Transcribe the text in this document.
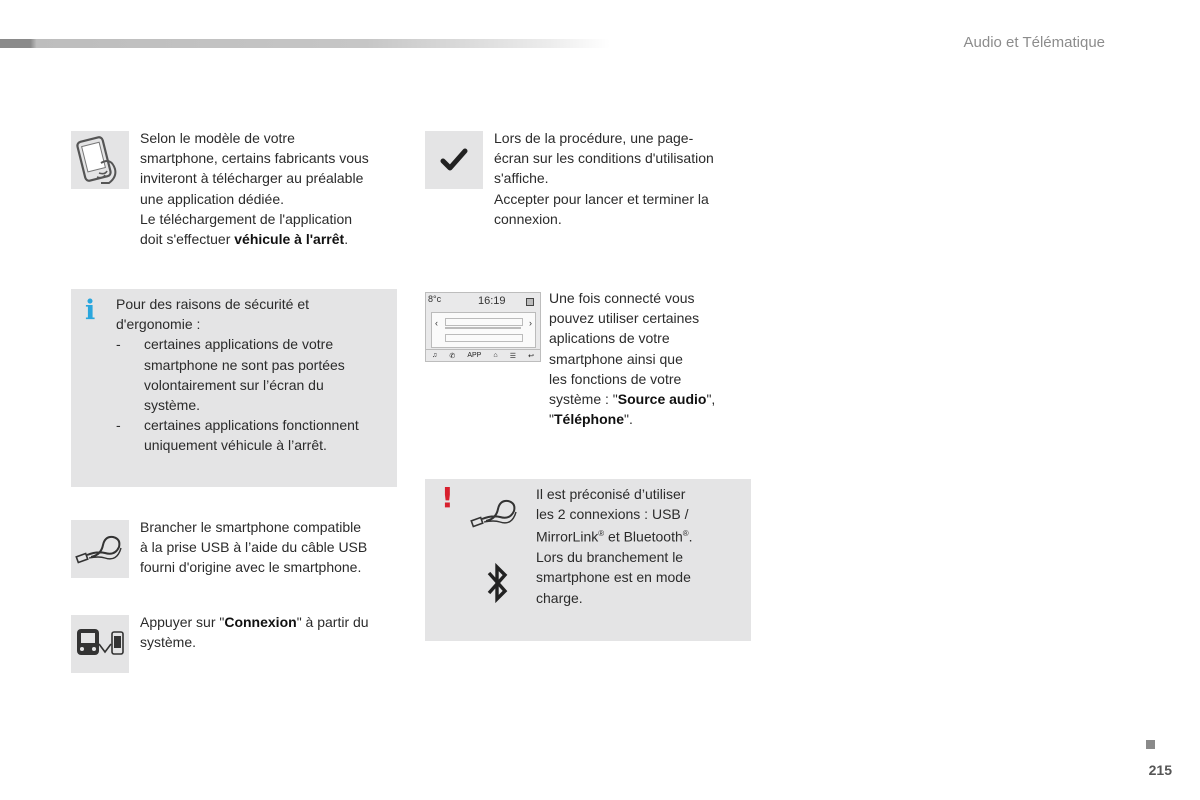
Audio et Télématique
Selon le modèle de votre
smartphone, certains fabricants vous
inviteront à télécharger au préalable
une application dédiée.
Le téléchargement de l'application
doit s'effectuer véhicule à l'arrêt.
Lors de la procédure, une page-
écran sur les conditions d'utilisation
s'affiche.
Accepter pour lancer et terminer la
connexion.
i Pour des raisons de sécurité et
d'ergonomie :
- certaines applications de votre
smartphone ne sont pas portées
volontairement sur l’écran du
système.
- certaines applications fonctionnent
uniquement véhicule à l’arrêt.
8°c	16:19
‹	›
♫ ✆ APP ⌂ ☰ ↩
Une fois connecté vous
pouvez utiliser certaines
aplications de votre
smartphone ainsi que
les fonctions de votre
système : "Source audio",
"Téléphone".
Brancher le smartphone compatible
à la prise USB à l’aide du câble USB
fourni d'origine avec le smartphone.
Appuyer sur "Connexion" à partir du
système.
!	Il est préconisé d’utiliser
les 2 connexions : USB /
MirrorLink® et Bluetooth®.
Lors du branchement le
smartphone est en mode
charge.
215
